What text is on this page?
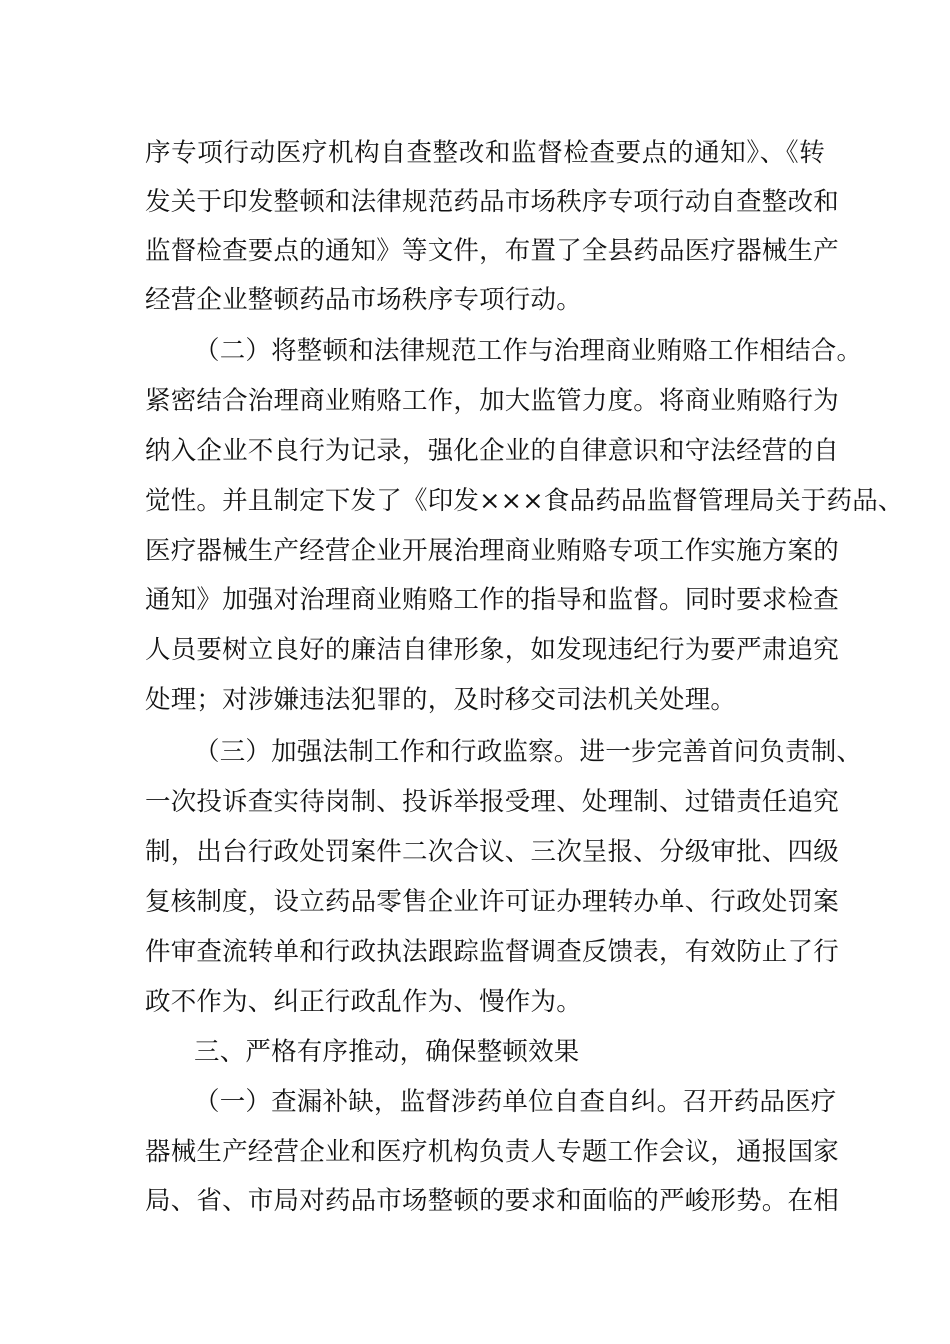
序专项行动医疗机构自查整改和监督检查要点的通知》、《转
发关于印发整顿和法律规范药品市场秩序专项行动自查整改和
监督检查要点的通知》等文件，布置了全县药品医疗器械生产
经营企业整顿药品市场秩序专项行动。
（二）将整顿和法律规范工作与治理商业贿赂工作相结合。
紧密结合治理商业贿赂工作，加大监管力度。将商业贿赂行为
纳入企业不良行为记录，强化企业的自律意识和守法经营的自
觉性。并且制定下发了《印发×××食品药品监督管理局关于药品、
医疗器械生产经营企业开展治理商业贿赂专项工作实施方案的
通知》加强对治理商业贿赂工作的指导和监督。同时要求检查
人员要树立良好的廉洁自律形象，如发现违纪行为要严肃追究
处理；对涉嫌违法犯罪的，及时移交司法机关处理。
（三）加强法制工作和行政监察。进一步完善首问负责制、
一次投诉查实待岗制、投诉举报受理、处理制、过错责任追究
制，出台行政处罚案件二次合议、三次呈报、分级审批、四级
复核制度，设立药品零售企业许可证办理转办单、行政处罚案
件审查流转单和行政执法跟踪监督调查反馈表，有效防止了行
政不作为、纠正行政乱作为、慢作为。
三、严格有序推动，确保整顿效果
（一）查漏补缺，监督涉药单位自查自纠。召开药品医疗
器械生产经营企业和医疗机构负责人专题工作会议，通报国家
局、省、市局对药品市场整顿的要求和面临的严峻形势。在相
